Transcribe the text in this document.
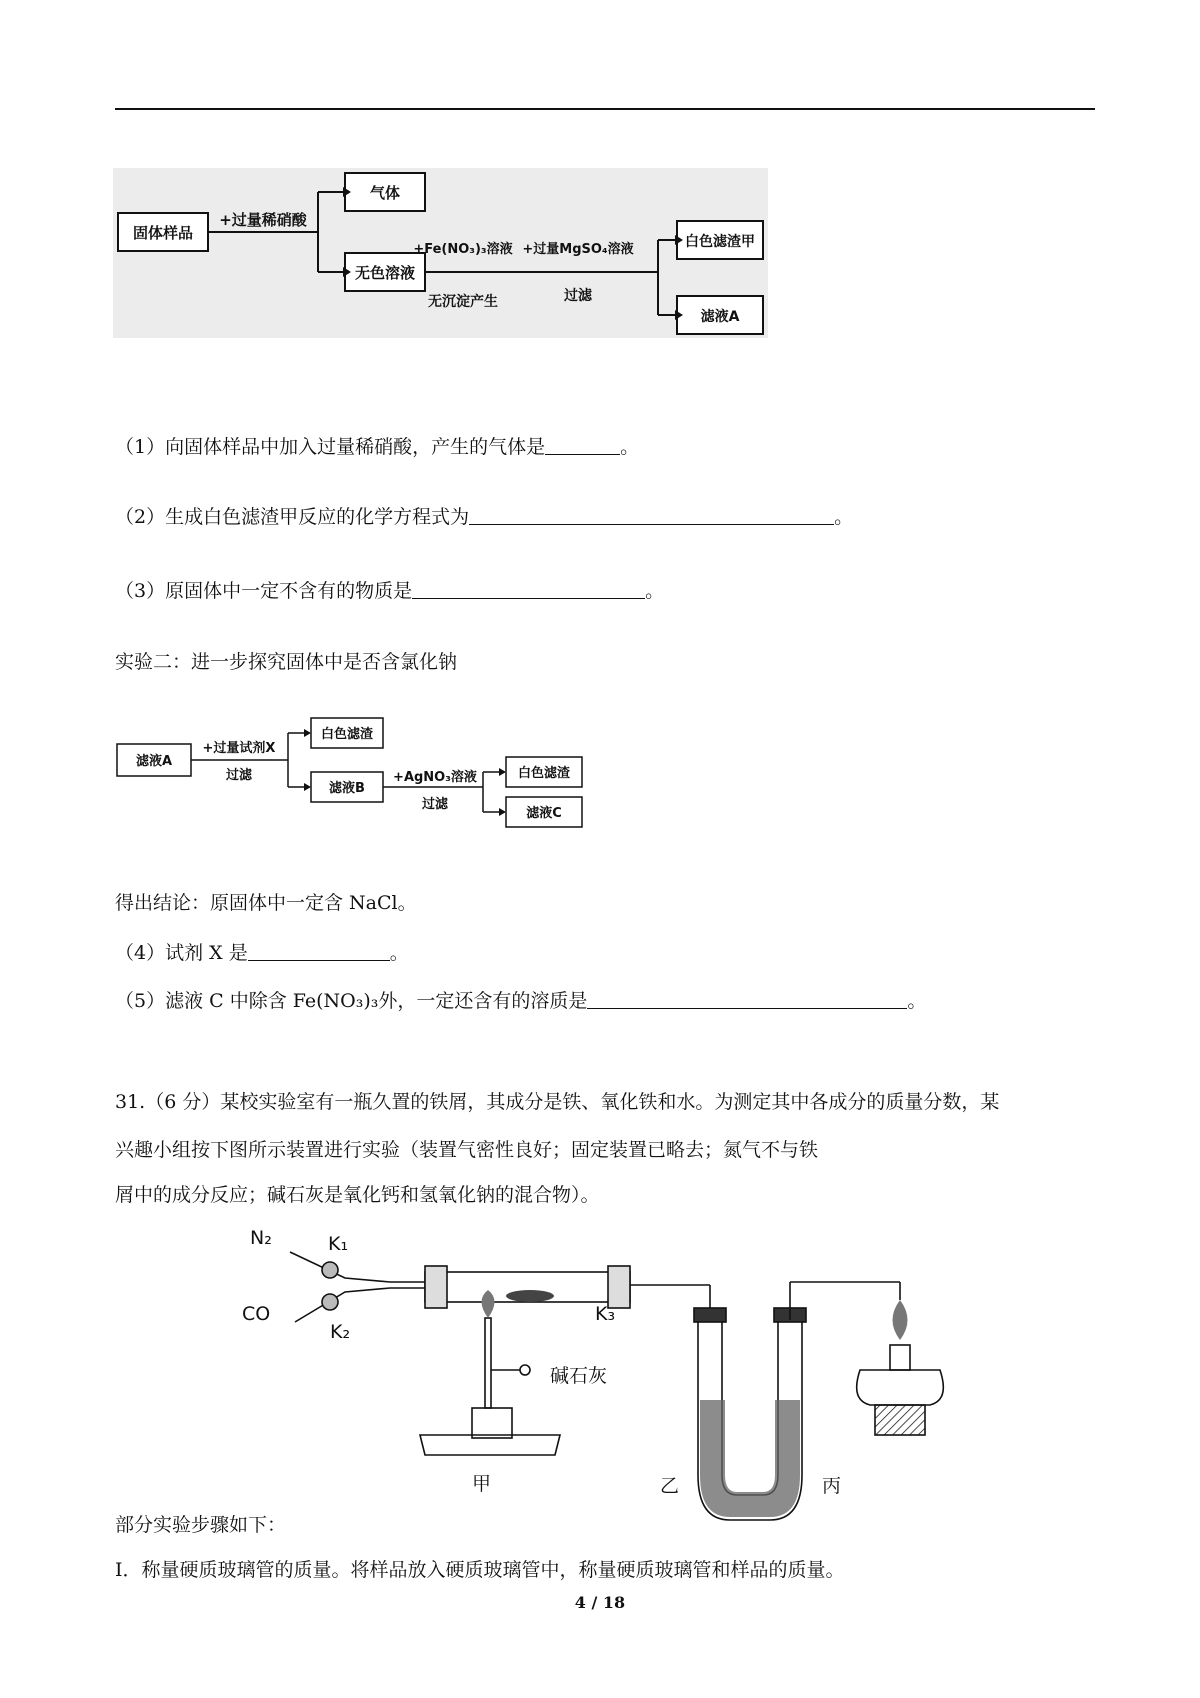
固体样品
+过量稀硝酸
气体
无色溶液
+Fe(NO₃)₃溶液
无沉淀产生
+过量MgSO₄溶液
过滤
白色滤渣甲
滤液A
（1）向固体样品中加入过量稀硝酸，产生的气体是	。
（2）生成白色滤渣甲反应的化学方程式为	。
（3）原固体中一定不含有的物质是	。
实验二：进一步探究固体中是否含氯化钠
滤液A
+过量试剂X
过滤
白色滤渣
滤液B
+AgNO₃溶液
过滤
白色滤渣
滤液C
得出结论：原固体中一定含 NaCl。
（4）试剂 X 是	。
（5）滤液 C 中除含 Fe(NO₃)₃外，一定还含有的溶质是	。
31.（6 分）某校实验室有一瓶久置的铁屑，其成分是铁、氧化铁和水。为测定其中各成分的质量分数，某
兴趣小组按下图所示装置进行实验（装置气密性良好；固定装置已略去；氮气不与铁
屑中的成分反应；碱石灰是氧化钙和氢氧化钠的混合物）。
N₂
CO
K₁
K₂
K₃
碱石灰
甲	乙	丙
部分实验步骤如下：
Ⅰ．称量硬质玻璃管的质量。将样品放入硬质玻璃管中，称量硬质玻璃管和样品的质量。
4 / 18
